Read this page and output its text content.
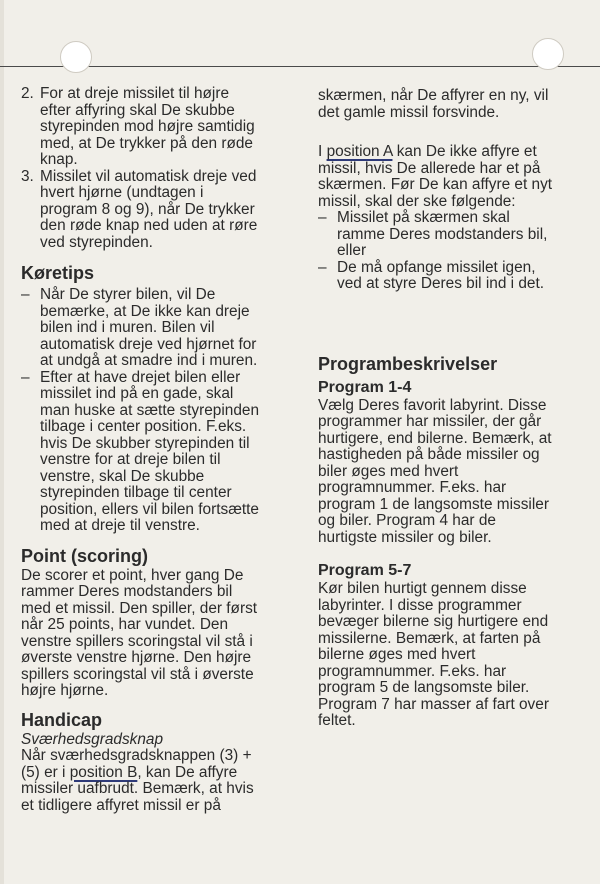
2. For at dreje missilet til højre

efter affyring skal De skubbe

styrepinden mod højre samtidig

med, at De trykker på den røde

knap.

3. Missilet vil automatisk dreje ved

hvert hjørne (undtagen i

program 8 og 9), når De trykker

den røde knap ned uden at røre

ved styrepinden.

Køretips
– Når De styrer bilen, vil De

bemærke, at De ikke kan dreje

bilen ind i muren. Bilen vil

automatisk dreje ved hjørnet for

at undgå at smadre ind i muren.

– Efter at have drejet bilen eller

missilet ind på en gade, skal

man huske at sætte styrepinden

tilbage i center position. F.eks.

hvis De skubber styrepinden til

venstre for at dreje bilen til

venstre, skal De skubbe

styrepinden tilbage til center

position, ellers vil bilen fortsætte

med at dreje til venstre.

Point (scoring)

De scorer et point, hver gang De

rammer Deres modstanders bil

med et missil. Den spiller, der først

når 25 points, har vundet. Den

venstre spillers scoringstal vil stå i

øverste venstre hjørne. Den højre

spillers scoringstal vil stå i øverste

højre hjørne.

Handicap

Sværhedsgradsknap

Når sværhedsgradsknappen (3) +

(5) er i position B, kan De affyre

missiler uafbrudt. Bemærk, at hvis

et tidligere affyret missil er på

skærmen, når De affyrer en ny, vil

det gamle missil forsvinde.

I position A kan De ikke affyre et

missil, hvis De allerede har et på

skærmen. Før De kan affyre et nyt

missil, skal der ske følgende:

– Missilet på skærmen skal

ramme Deres modstanders bil,

eller

– De må opfange missilet igen,

ved at styre Deres bil ind i det.

Programbeskrivelser
Program 1-4

Vælg Deres favorit labyrint. Disse

programmer har missiler, der går

hurtigere, end bilerne. Bemærk, at

hastigheden på både missiler og

biler øges med hvert

programnummer. F.eks. har

program 1 de langsomste missiler

og biler. Program 4 har de

hurtigste missiler og biler.

Program 5-7

Kør bilen hurtigt gennem disse

labyrinter. I disse programmer

bevæger bilerne sig hurtigere end

missilerne. Bemærk, at farten på

bilerne øges med hvert

programnummer. F.eks. har

program 5 de langsomste biler.

Program 7 har masser af fart over

feltet.
